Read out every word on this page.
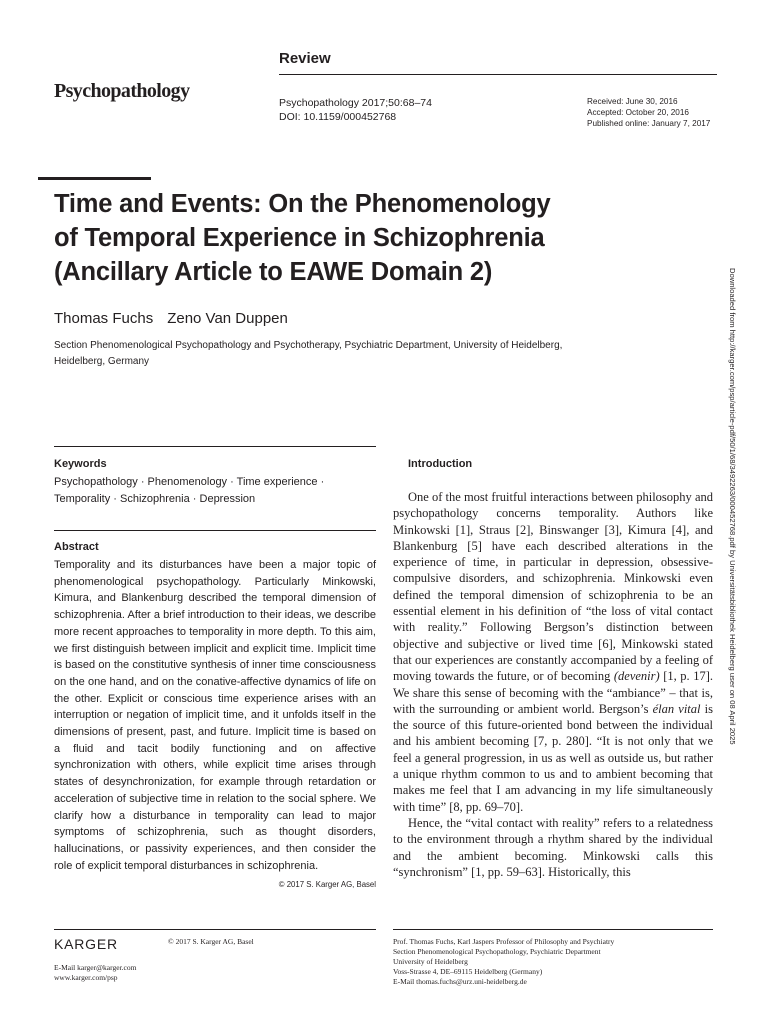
Review
Psychopathology
Psychopathology 2017;50:68–74
DOI: 10.1159/000452768
Received: June 30, 2016
Accepted: October 20, 2016
Published online: January 7, 2017
Time and Events: On the Phenomenology
of Temporal Experience in Schizophrenia
(Ancillary Article to EAWE Domain 2)
Thomas Fuchs Zeno Van Duppen
Section Phenomenological Psychopathology and Psychotherapy, Psychiatric Department, University of Heidelberg,
Heidelberg, Germany	Downloaded from http://karger.com/psp/article-pdf/50/1/68/3492263/000452768.pdf by Universitätsbibliothek Heidelberg user on 08 April 2025
Keywords
Psychopathology · Phenomenology · Time experience ·
Temporality · Schizophrenia · Depression
Abstract
Temporality and its disturbances have been a major topic of phenomenological psychopathology. Particularly Minkowski, Kimura, and Blankenburg described the temporal dimension of schizophrenia. After a brief introduction to their ideas, we describe more recent approaches to temporality in more depth. To this aim, we first distinguish between implicit and explicit time. Implicit time is based on the constitutive synthesis of inner time consciousness on the one hand, and on the conative-affective dynamics of life on the other. Explicit or conscious time experience arises with an interruption or negation of implicit time, and it unfolds itself in the dimensions of present, past, and future. Implicit time is based on a fluid and tacit bodily functioning and on affective synchronization with others, while explicit time arises through states of desynchronization, for example through retardation or acceleration of subjective time in relation to the social sphere. We clarify how a disturbance in temporality can lead to major symptoms of schizophrenia, such as thought disorders, hallucinations, or passivity experiences, and then consider the role of explicit temporal disturbances in schizophrenia.
© 2017 S. Karger AG, Basel
Introduction

One of the most fruitful interactions between philosophy and psychopathology concerns temporality. Authors like Minkowski [1], Straus [2], Binswanger [3], Kimura [4], and Blankenburg [5] have each described alterations in the experience of time, in particular in depression, obsessive-compulsive disorders, and schizophrenia. Minkowski even defined the temporal dimension of schizophrenia to be an essential element in his definition of “the loss of vital contact with reality.” Following Bergson’s distinction between objective and subjective or lived time [6], Minkowski stated that our experiences are constantly accompanied by a feeling of moving towards the future, or of becoming (devenir) [1, p. 17]. We share this sense of becoming with the “ambiance” – that is, with the surrounding or ambient world. Bergson’s élan vital is the source of this future-oriented bond between the individual and his ambient becoming [7, p. 280]. “It is not only that we feel a general progression, in us as well as outside us, but rather a unique rhythm common to us and to ambient becoming that makes me feel that I am advancing in my life simultaneously with time” [8, pp. 69–70].

Hence, the “vital contact with reality” refers to a relatedness to the environment through a rhythm shared by the individual and the ambient becoming. Minkowski calls this “synchronism” [1, pp. 59–63]. Historically, this

KARGER	© 2017 S. Karger AG, Basel
E-Mail karger@karger.com
www.karger.com/psp
Prof. Thomas Fuchs, Karl Jaspers Professor of Philosophy and Psychiatry
Section Phenomenological Psychopathology, Psychiatric Department
University of Heidelberg
Voss-Strasse 4, DE–69115 Heidelberg (Germany)
E-Mail thomas.fuchs@urz.uni-heidelberg.de
